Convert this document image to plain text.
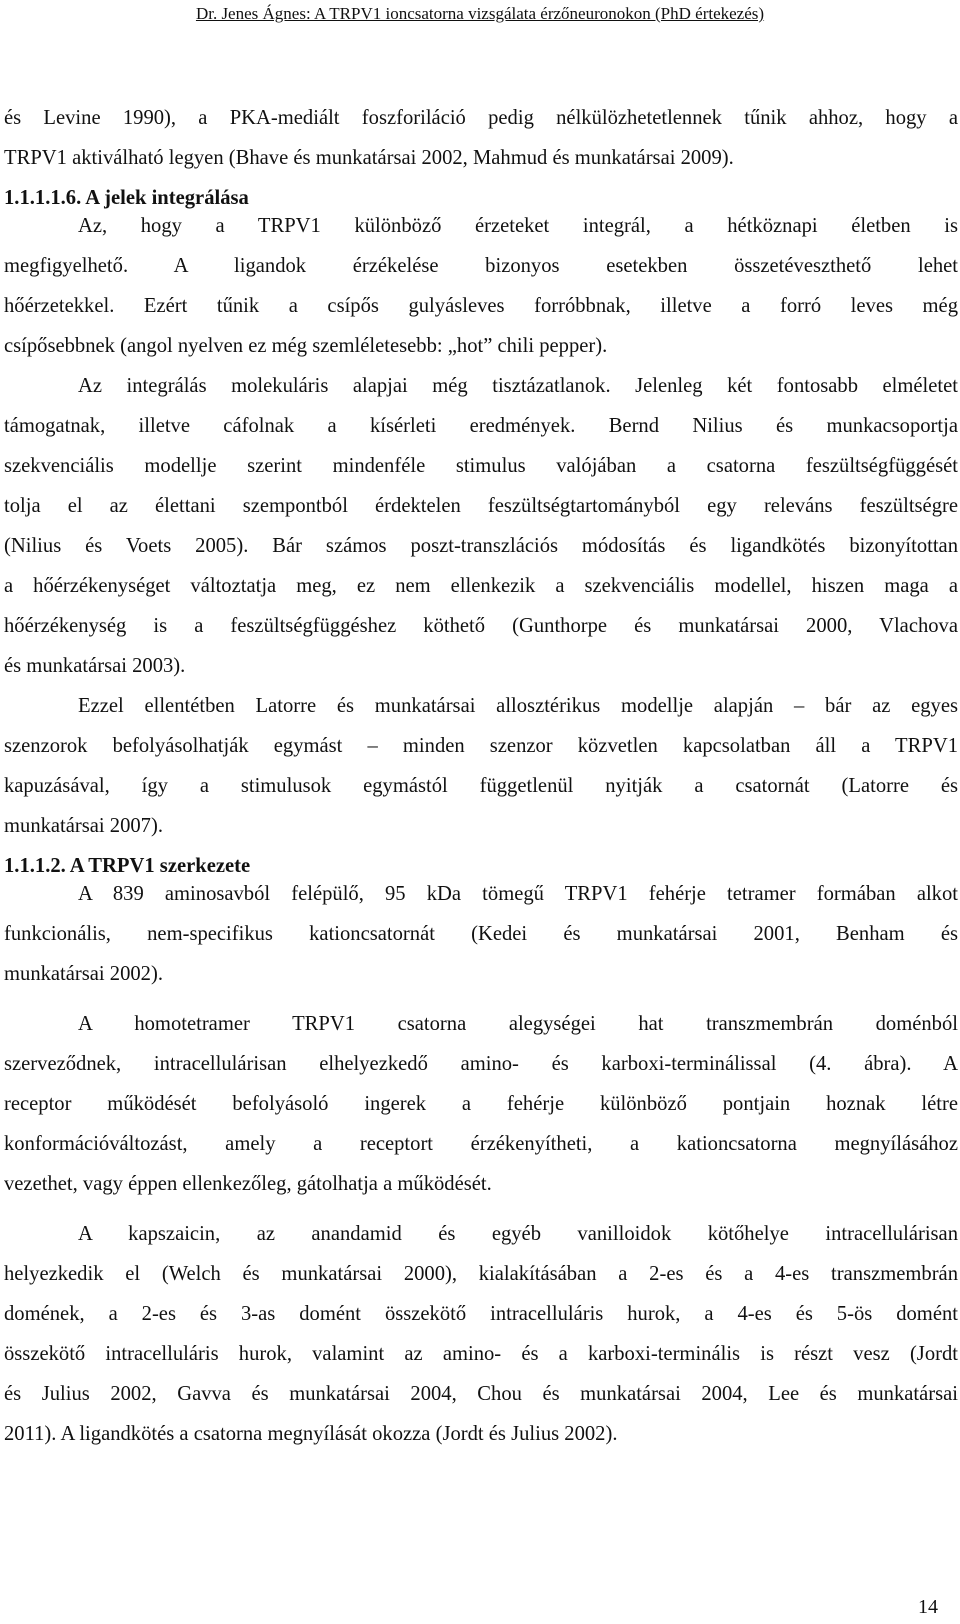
Dr. Jenes Ágnes: A TRPV1 ioncsatorna vizsgálata érzőneuronokon (PhD értekezés)
és Levine 1990), a PKA-mediált foszforiláció pedig nélkülözhetetlennek tűnik ahhoz, hogy a
TRPV1 aktiválható legyen (Bhave és munkatársai 2002, Mahmud és munkatársai 2009).
1.1.1.1.6. A jelek integrálása
Az, hogy a TRPV1 különböző érzeteket integrál, a hétköznapi életben is
megfigyelhető. A ligandok érzékelése bizonyos esetekben összetéveszthető lehet
hőérzetekkel. Ezért tűnik a csípős gulyásleves forróbbnak, illetve a forró leves még
csípősebbnek (angol nyelven ez még szemléletesebb: „hot” chili pepper).
Az integrálás molekuláris alapjai még tisztázatlanok. Jelenleg két fontosabb elméletet
támogatnak, illetve cáfolnak a kísérleti eredmények. Bernd Nilius és munkacsoportja
szekvenciális modellje szerint mindenféle stimulus valójában a csatorna feszültségfüggését
tolja el az élettani szempontból érdektelen feszültségtartományból egy releváns feszültségre
(Nilius és Voets 2005). Bár számos poszt-transzlációs módosítás és ligandkötés bizonyítottan
a hőérzékenységet változtatja meg, ez nem ellenkezik a szekvenciális modellel, hiszen maga a
hőérzékenység is a feszültségfüggéshez köthető (Gunthorpe és munkatársai 2000, Vlachova
és munkatársai 2003).
Ezzel ellentétben Latorre és munkatársai allosztérikus modellje alapján – bár az egyes
szenzorok befolyásolhatják egymást – minden szenzor közvetlen kapcsolatban áll a TRPV1
kapuzásával, így a stimulusok egymástól függetlenül nyitják a csatornát (Latorre és
munkatársai 2007).
1.1.1.2. A TRPV1 szerkezete
A 839 aminosavból felépülő, 95 kDa tömegű TRPV1 fehérje tetramer formában alkot
funkcionális, nem-specifikus kationcsatornát (Kedei és munkatársai 2001, Benham és
munkatársai 2002).
A homotetramer TRPV1 csatorna alegységei hat transzmembrán doménból
szerveződnek, intracellulárisan elhelyezkedő amino- és karboxi-terminálissal (4. ábra). A
receptor működését befolyásoló ingerek a fehérje különböző pontjain hoznak létre
konformációváltozást, amely a receptort érzékenyítheti, a kationcsatorna megnyílásához
vezethet, vagy éppen ellenkezőleg, gátolhatja a működését.
A kapszaicin, az anandamid és egyéb vanilloidok kötőhelye intracellulárisan
helyezkedik el (Welch és munkatársai 2000), kialakításában a 2-es és a 4-es transzmembrán
domének, a 2-es és 3-as domént összekötő intracelluláris hurok, a 4-es és 5-ös domént
összekötő intracelluláris hurok, valamint az amino- és a karboxi-terminális is részt vesz (Jordt
és Julius 2002, Gavva és munkatársai 2004, Chou és munkatársai 2004, Lee és munkatársai
2011). A ligandkötés a csatorna megnyílását okozza (Jordt és Julius 2002).
14
